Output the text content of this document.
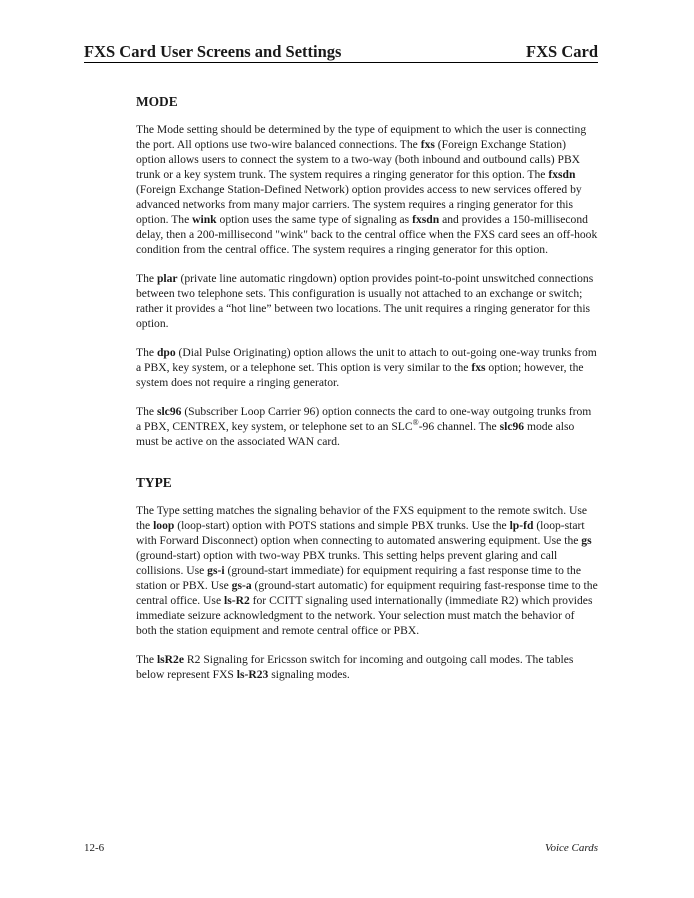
FXS Card User Screens and Settings	FXS Card
MODE

The Mode setting should be determined by the type of equipment to which the user is connecting the port. All options use two-wire balanced connections. The fxs (Foreign Exchange Station) option allows users to connect the system to a two-way (both inbound and outbound calls) PBX trunk or a key system trunk. The system requires a ringing generator for this option. The fxsdn (Foreign Exchange Station-Defined Network) option provides access to new services offered by advanced networks from many major carriers. The system requires a ringing generator for this option. The wink option uses the same type of signaling as fxsdn and provides a 150-millisecond delay, then a 200-millisecond "wink" back to the central office when the FXS card sees an off-hook condition from the central office. The system requires a ringing generator for this option.

The plar (private line automatic ringdown) option provides point-to-point unswitched connections between two telephone sets. This configuration is usually not attached to an exchange or switch; rather it provides a “hot line” between two locations. The unit requires a ringing generator for this option.

The dpo (Dial Pulse Originating) option allows the unit to attach to out-going one-way trunks from a PBX, key system, or a telephone set. This option is very similar to the fxs option; however, the system does not require a ringing generator.

The slc96 (Subscriber Loop Carrier 96) option connects the card to one-way outgoing trunks from a PBX, CENTREX, key system, or telephone set to an SLC®-96 channel. The slc96 mode also must be active on the associated WAN card.

TYPE

The Type setting matches the signaling behavior of the FXS equipment to the remote switch. Use the loop (loop-start) option with POTS stations and simple PBX trunks. Use the lp-fd (loop-start with Forward Disconnect) option when connecting to automated answering equipment. Use the gs (ground-start) option with two-way PBX trunks. This setting helps prevent glaring and call collisions. Use gs-i (ground-start immediate) for equipment requiring a fast response time to the station or PBX. Use gs-a (ground-start automatic) for equipment requiring fast-response time to the central office. Use ls-R2 for CCITT signaling used internationally (immediate R2) which provides immediate seizure acknowledgment to the network. Your selection must match the behavior of both the station equipment and remote central office or PBX.

The lsR2e R2 Signaling for Ericsson switch for incoming and outgoing call modes. The tables below represent FXS ls-R23 signaling modes.

12-6	Voice Cards
